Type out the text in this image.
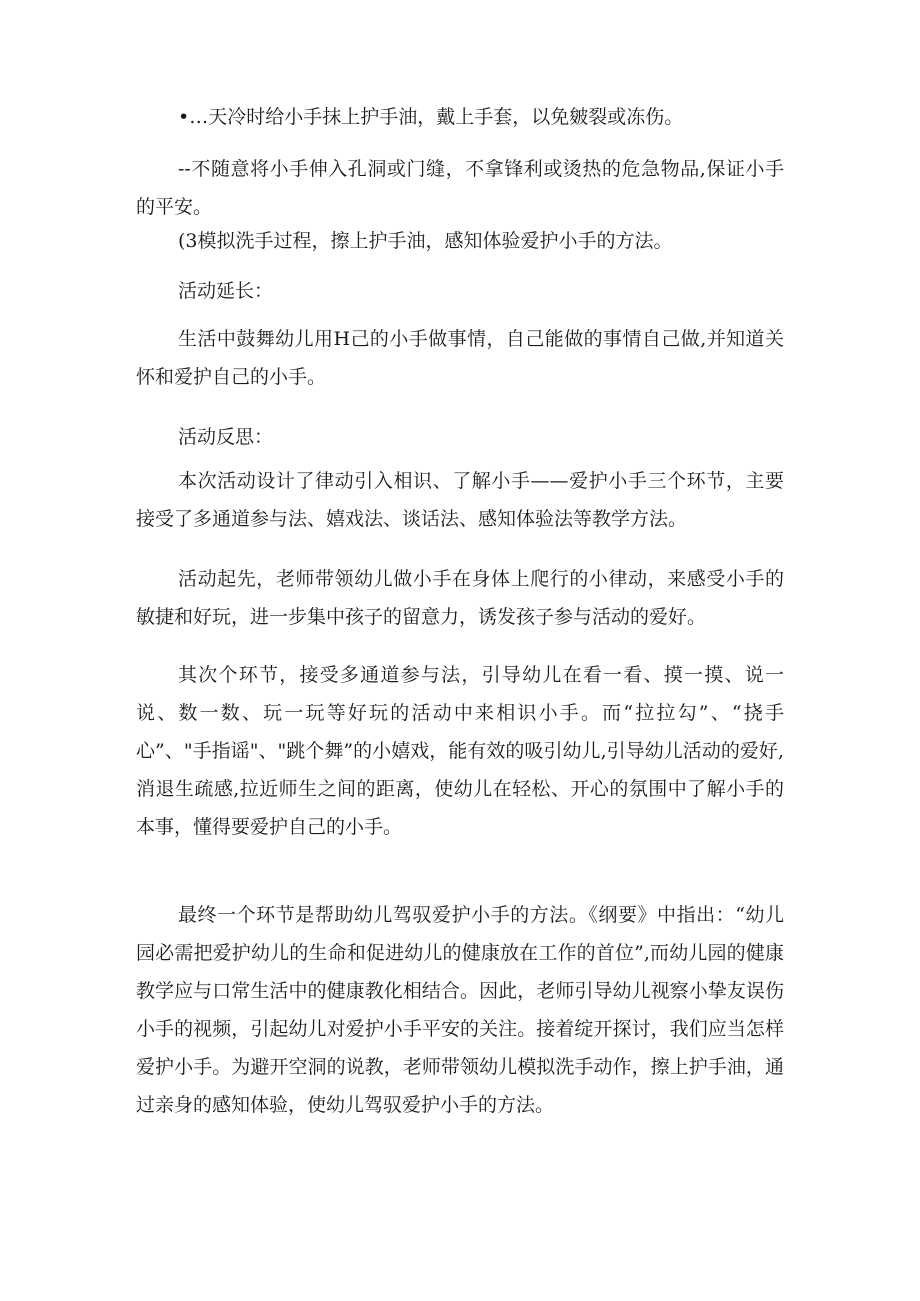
•…天冷时给小手抹上护手油，戴上手套，以免皴裂或冻伤。

--不随意将小手伸入孔洞或门缝，不拿锋利或烫热的危急物品,保证小手的平安。

(3模拟洗手过程，擦上护手油，感知体验爱护小手的方法。

活动延长：

生活中鼓舞幼儿用H己的小手做事情，自己能做的事情自己做,并知道关怀和爱护自己的小手。

活动反思：

本次活动设计了律动引入相识、了解小手——爱护小手三个环节，主要接受了多通道参与法、嬉戏法、谈话法、感知体验法等教学方法。

活动起先，老师带领幼儿做小手在身体上爬行的小律动，来感受小手的敏捷和好玩，进一步集中孩子的留意力，诱发孩子参与活动的爱好。

其次个环节，接受多通道参与法，引导幼儿在看一看、摸一摸、说一说、数一数、玩一玩等好玩的活动中来相识小手。而“拉拉勾”、“挠手心”、"手指谣"、"跳个舞”的小嬉戏，能有效的吸引幼儿,引导幼儿活动的爱好,消退生疏感,拉近师生之间的距离，使幼儿在轻松、开心的氛围中了解小手的本事，懂得要爱护自己的小手。

最终一个环节是帮助幼儿驾驭爱护小手的方法。《纲要》中指出：“幼儿园必需把爱护幼儿的生命和促进幼儿的健康放在工作的首位”,而幼儿园的健康教学应与口常生活中的健康教化相结合。因此，老师引导幼儿视察小挚友误伤小手的视频，引起幼儿对爱护小手平安的关注。接着绽开探讨，我们应当怎样爱护小手。为避开空洞的说教，老师带领幼儿模拟洗手动作，擦上护手油，通过亲身的感知体验，使幼儿驾驭爱护小手的方法。
